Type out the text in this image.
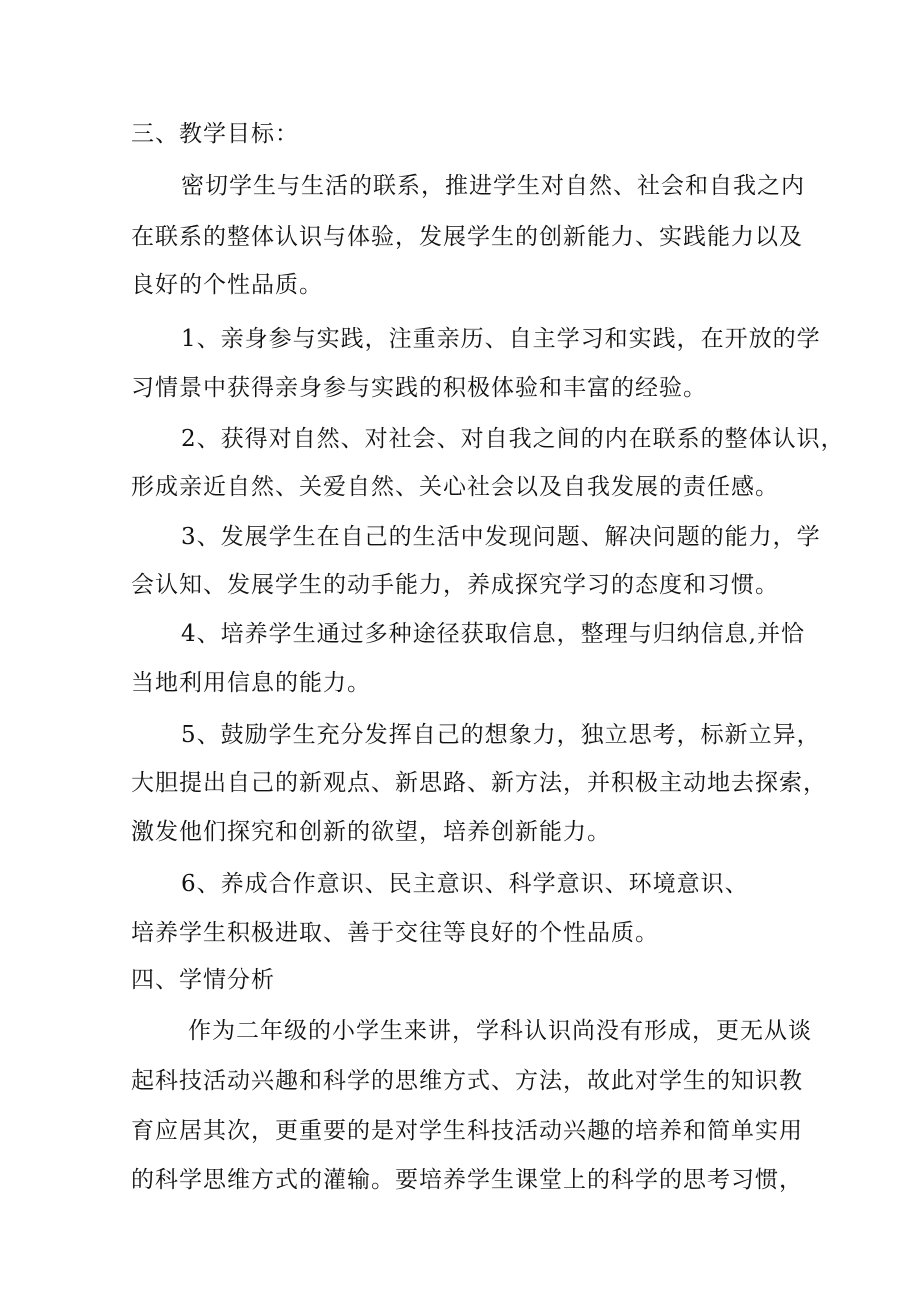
三、教学目标：
密切学生与生活的联系，推进学生对自然、社会和自我之内
在联系的整体认识与体验，发展学生的创新能力、实践能力以及
良好的个性品质。
1、亲身参与实践，注重亲历、自主学习和实践，在开放的学
习情景中获得亲身参与实践的积极体验和丰富的经验。
2、获得对自然、对社会、对自我之间的内在联系的整体认识，
形成亲近自然、关爱自然、关心社会以及自我发展的责任感。
3、发展学生在自己的生活中发现问题、解决问题的能力，学
会认知、发展学生的动手能力，养成探究学习的态度和习惯。
4、培养学生通过多种途径获取信息，整理与归纳信息,并恰
当地利用信息的能力。
5、鼓励学生充分发挥自己的想象力，独立思考，标新立异，
大胆提出自己的新观点、新思路、新方法，并积极主动地去探索，
激发他们探究和创新的欲望，培养创新能力。
6、养成合作意识、民主意识、科学意识、环境意识、
培养学生积极进取、善于交往等良好的个性品质。
四、学情分析
作为二年级的小学生来讲，学科认识尚没有形成，更无从谈
起科技活动兴趣和科学的思维方式、方法，故此对学生的知识教
育应居其次，更重要的是对学生科技活动兴趣的培养和简单实用
的科学思维方式的灌输。要培养学生课堂上的科学的思考习惯，
